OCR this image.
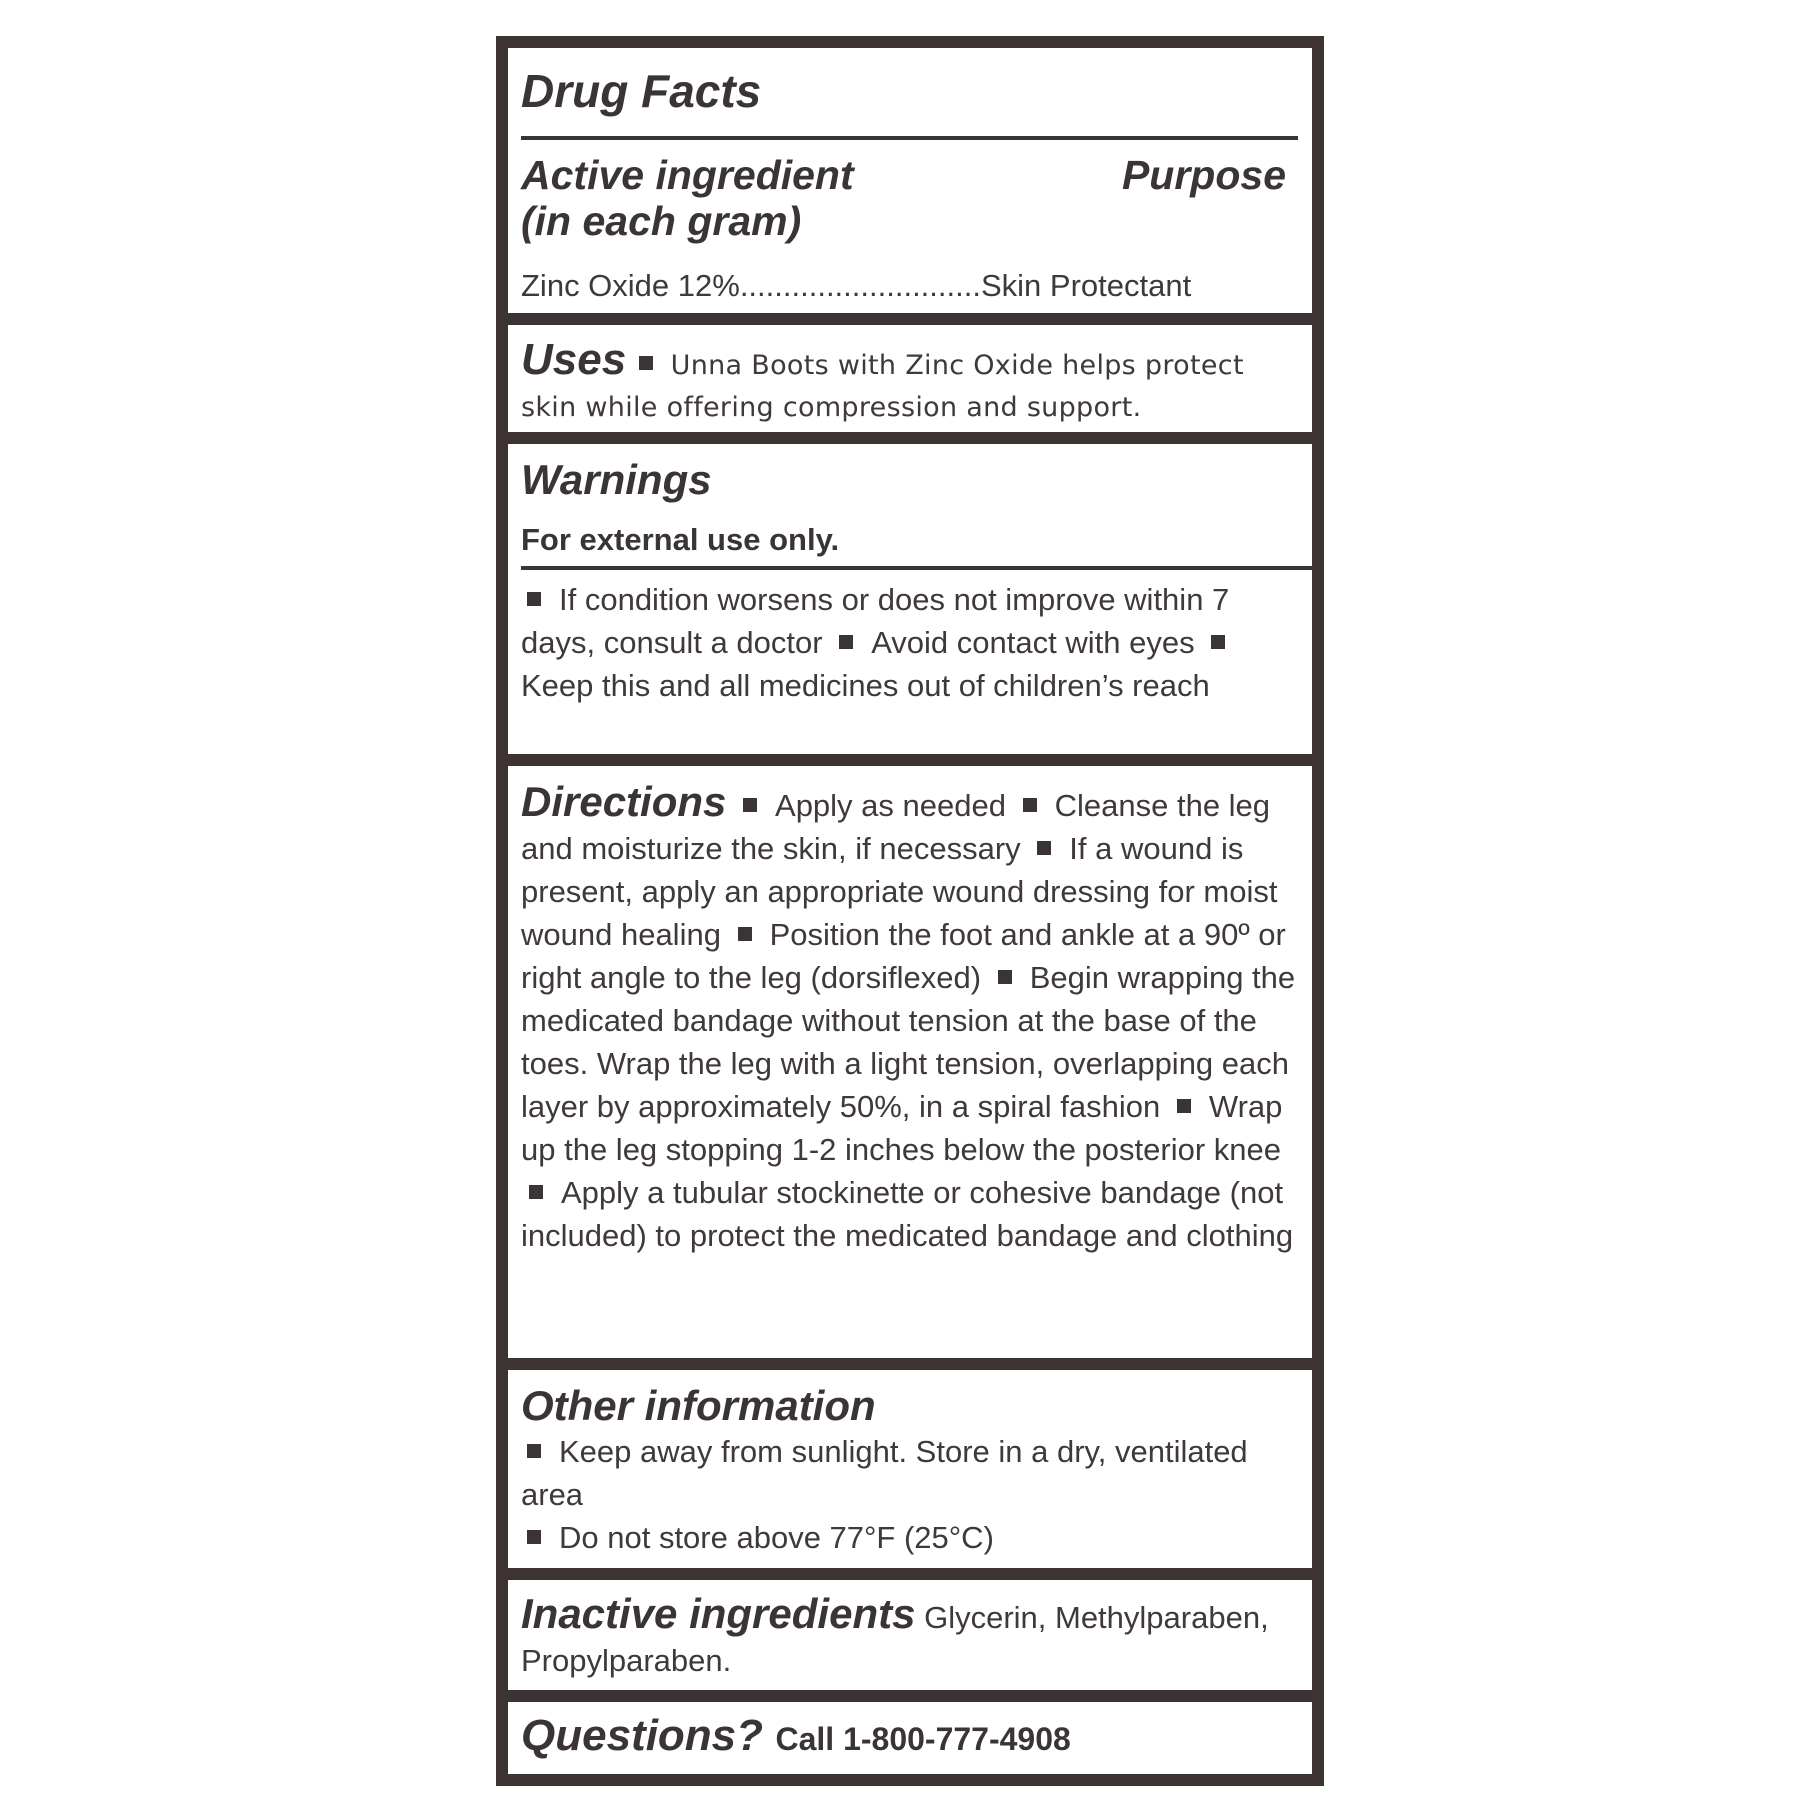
Drug Facts
Active ingredient
(in each gram)
Purpose
Zinc Oxide 12%............................Skin Protectant
Uses Unna Boots with Zinc Oxide helps protect skin while offering compression and support.
Warnings
For external use only.
If condition worsens or does not improve within 7 days, consult a doctor Avoid contact with eyes Keep this and all medicines out of children’s reach
Directions Apply as needed Cleanse the leg and moisturize the skin, if necessary If a wound is present, apply an appropriate wound dressing for moist wound healing Position the foot and ankle at a 90º or right angle to the leg (dorsiflexed) Begin wrapping the medicated bandage without tension at the base of the toes. Wrap the leg with a light tension, overlapping each layer by approximately 50%, in a spiral fashion Wrap up the leg stopping 1-2 inches below the posterior knee Apply a tubular stockinette or cohesive bandage (not included) to protect the medicated bandage and clothing
Other information
Keep away from sunlight. Store in a dry, ventilated area
Do not store above 77°F (25°C)
Inactive ingredients Glycerin, Methylparaben, Propylparaben.
Questions? Call 1-800-777-4908
